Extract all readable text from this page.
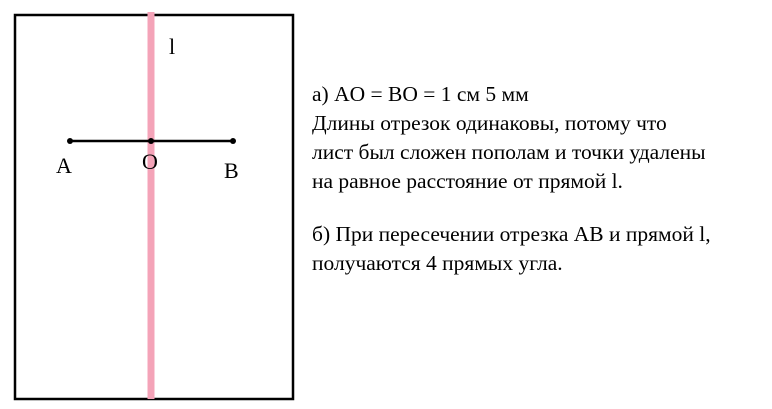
l
A	O	B

а) AO = BO = 1 см 5 мм

Длины отрезок одинаковы, потому что

лист был сложен пополам и точки удалены

на равное расстояние от прямой l.

б) При пересечении отрезка AB и прямой l,

получаются 4 прямых угла.
